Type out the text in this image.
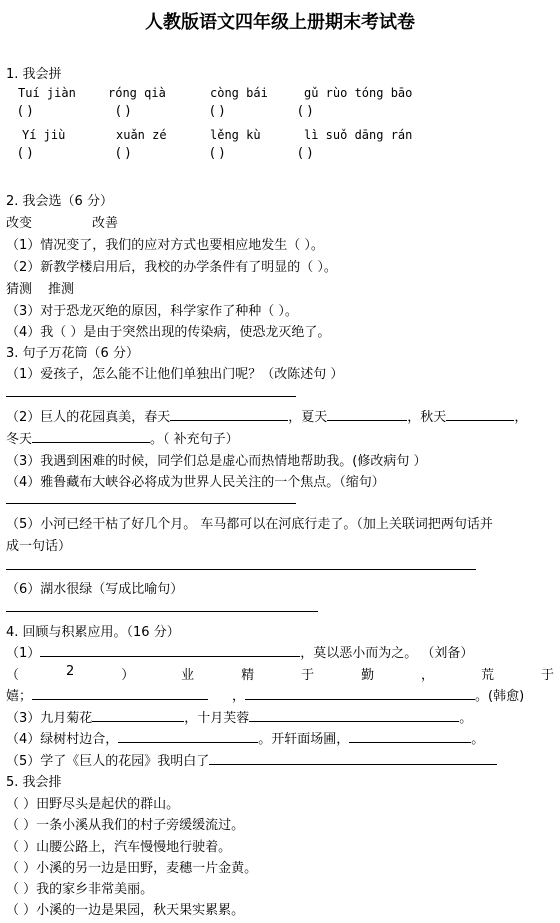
人教版语文四年级上册期末考试卷
1. 我会拼
Tuí jiàn	róng qià	còng bái	gǔ rùo tóng bāo
( )	( )	( )	( )
Yí jiù	xuǎn zé	lěng kù	lì suǒ dāng rán
( )	( )	( )	( )
2. 我会选（6 分）
改变	改善
（1）情况变了，我们的应对方式也要相应地发生（ ）。
（2）新教学楼启用后，我校的办学条件有了明显的（ ）。
猜测 推测
（3）对于恐龙灭绝的原因，科学家作了种种（ ）。
（4）我（ ）是由于突然出现的传染病，使恐龙灭绝了。
3. 句子万花筒（6 分）
（1）爱孩子，怎么能不让他们单独出门呢？（改陈述句 ）
（2）巨人的花园真美，春天	，夏天	，秋天	，
冬天	。（ 补充句子）
（3）我遇到困难的时候，同学们总是虚心而热情地帮助我。(修改病句 ）
（4）雅鲁藏布大峡谷必将成为世界人民关注的一个焦点。（缩句）
（5）小河已经干枯了好几个月。 车马都可以在河底行走了。（加上关联词把两句话并
成一句话）
（6）湖水很绿（写成比喻句）
4. 回顾与积累应用。（16 分）
（1）	，莫以恶小而为之。 （刘备）
（	2	）	业	精	于	勤	，	荒	于
嬉；	，	。(韩愈)
（3）九月菊花	，十月芙蓉	。
（4）绿树村边合，	。开轩面场圃，	。
（5）学了《巨人的花园》我明白了
5. 我会排
（ ）田野尽头是起伏的群山。
（ ）一条小溪从我们的村子旁缓缓流过。
（ ）山腰公路上，汽车慢慢地行驶着。
（ ）小溪的另一边是田野，麦穗一片金黄。
（ ）我的家乡非常美丽。
（ ）小溪的一边是果园，秋天果实累累。
